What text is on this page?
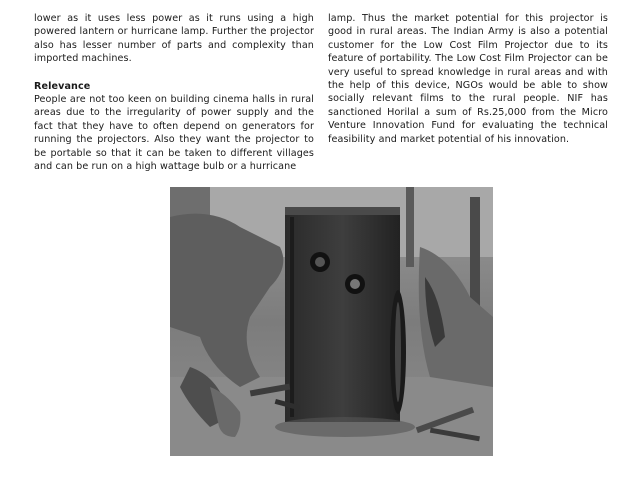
lower as it uses less power as it runs using a high powered lantern or hurricane lamp. Further the projector also has lesser number of parts and complexity than imported machines.

Relevance

People are not too keen on building cinema halls in rural areas due to the irregularity of power supply and the fact that they have to often depend on generators for running the projectors. Also they want the projector to be portable so that it can be taken to different villages and can be run on a high wattage bulb or a hurricane

lamp. Thus the market potential for this projector is good in rural areas. The Indian Army is also a potential customer for the Low Cost Film Projector due to its feature of portability. The Low Cost Film Projector can be very useful to spread knowledge in rural areas and with the help of this device, NGOs would be able to show socially relevant films to the rural people. NIF has sanctioned Horilal a sum of Rs.25,000 from the Micro Venture Innovation Fund for evaluating the technical feasibility and market potential of his innovation.
